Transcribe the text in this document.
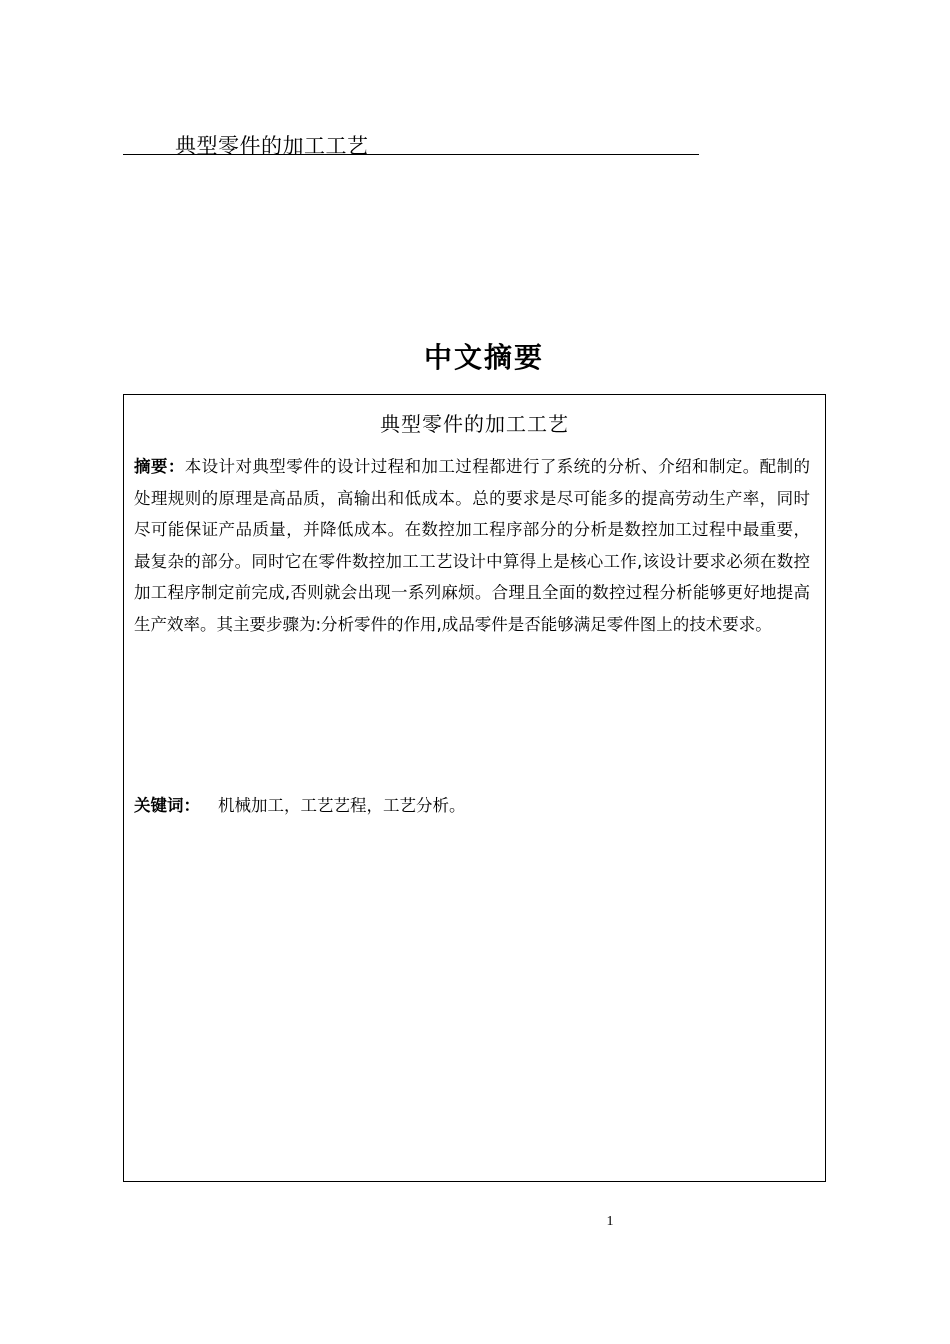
典型零件的加工工艺
中文摘要
典型零件的加工工艺
摘要：本设计对典型零件的设计过程和加工过程都进行了系统的分析、介绍和制定。配制的处理规则的原理是高品质，高输出和低成本。总的要求是尽可能多的提高劳动生产率，同时尽可能保证产品质量，并降低成本。在数控加工程序部分的分析是数控加工过程中最重要，最复杂的部分。同时它在零件数控加工工艺设计中算得上是核心工作,该设计要求必须在数控加工程序制定前完成,否则就会出现一系列麻烦。合理且全面的数控过程分析能够更好地提高生产效率。其主要步骤为:分析零件的作用,成品零件是否能够满足零件图上的技术要求。
关键词： 机械加工，工艺艺程，工艺分析。
1
